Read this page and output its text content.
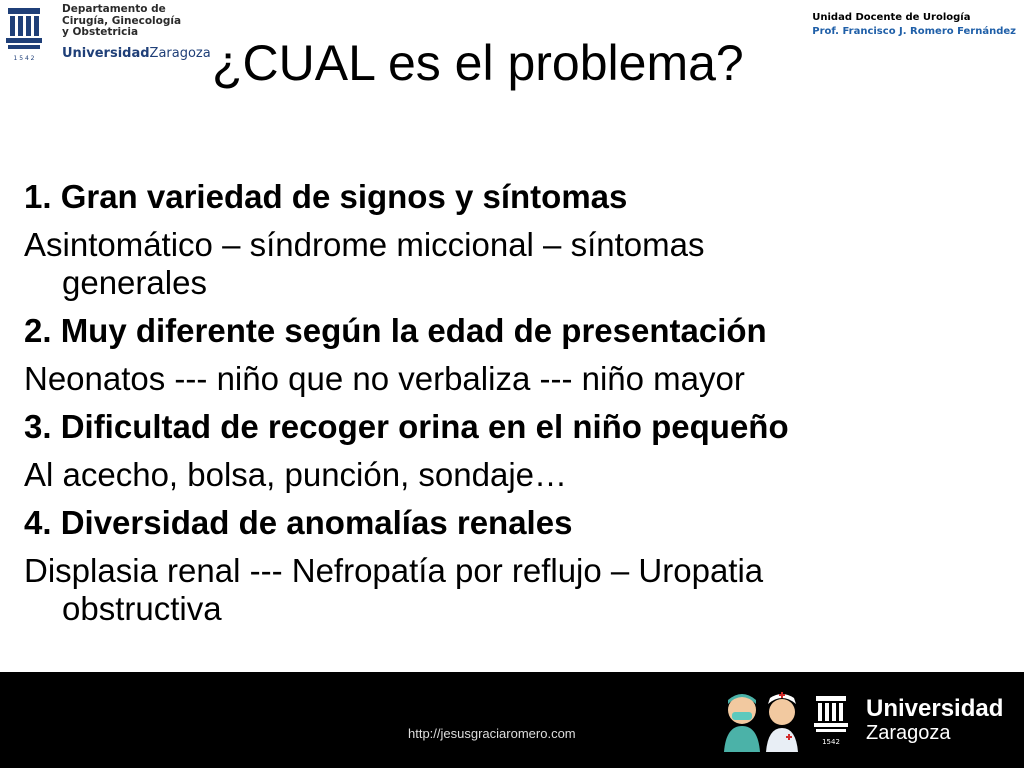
1 5 4 2
Departamento de
Cirugía, Ginecología
y Obstetricia
UniversidadZaragoza
Unidad Docente de Urología
Prof. Francisco J. Romero Fernández
¿CUAL es el problema?

1. Gran variedad de signos y síntomas

Asintomático – síndrome miccional – síntomas
generales

2. Muy diferente según la edad de presentación

Neonatos --- niño que no verbaliza --- niño mayor

3. Dificultad de recoger orina en el niño pequeño

Al acecho, bolsa, punción, sondaje…

4. Diversidad de anomalías renales

Displasia renal --- Nefropatía por reflujo – Uropatia
obstructiva

http://jesusgraciaromero.com
1542
Universidad
Zaragoza
